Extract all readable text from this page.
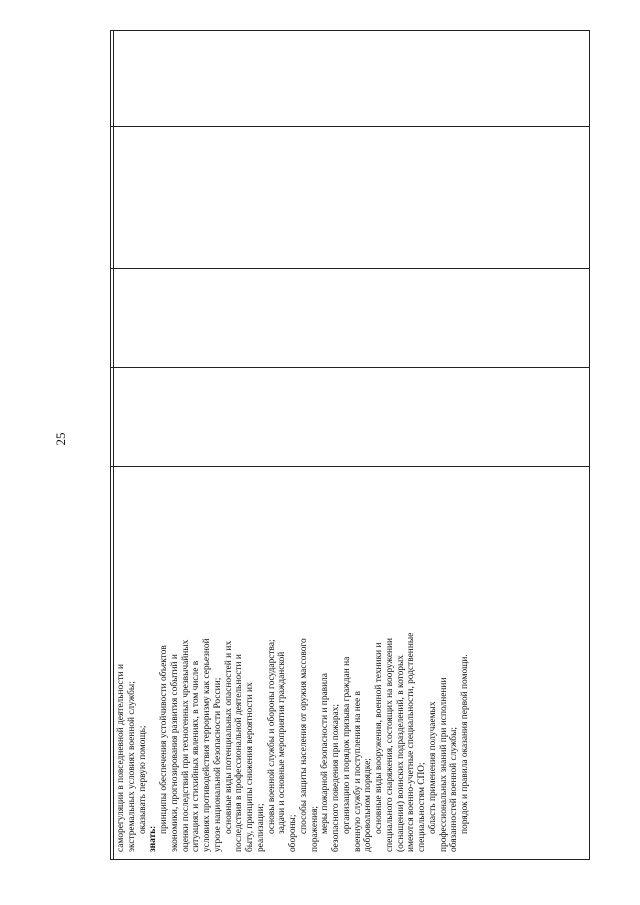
25
саморегуляции в повседневной деятельности и экстремальных условиях военной службы; оказывать первую помощь;
знать:
принципы обеспечения устойчивости объектов экономики, прогнозирования развития событий и оценки последствий при техногенных чрезвычайных ситуациях и стихийных явлениях, в том числе в условиях противодействия терроризму как серьезной угрозе национальной безопасности России; основные виды потенциальных опасностей и их последствия в профессиональной деятельности и быту, принципы снижения вероятности их реализации; основы военной службы и обороны государства; задачи и основные мероприятия гражданской обороны; способы защиты населения от оружия массового поражения; меры пожарной безопасности и правила безопасного поведения при пожарах; организацию и порядок призыва граждан на военную службу и поступления на нее в добровольном порядке; основные виды вооружения, военной техники и специального снаряжения, состоящих на вооружении (оснащении) воинских подразделений, в которых имеются военно-учетные специальности, родственные специальностям СПО; область применения получаемых профессиональных знаний при исполнении обязанностей военной службы; порядок и правила оказания первой помощи.
